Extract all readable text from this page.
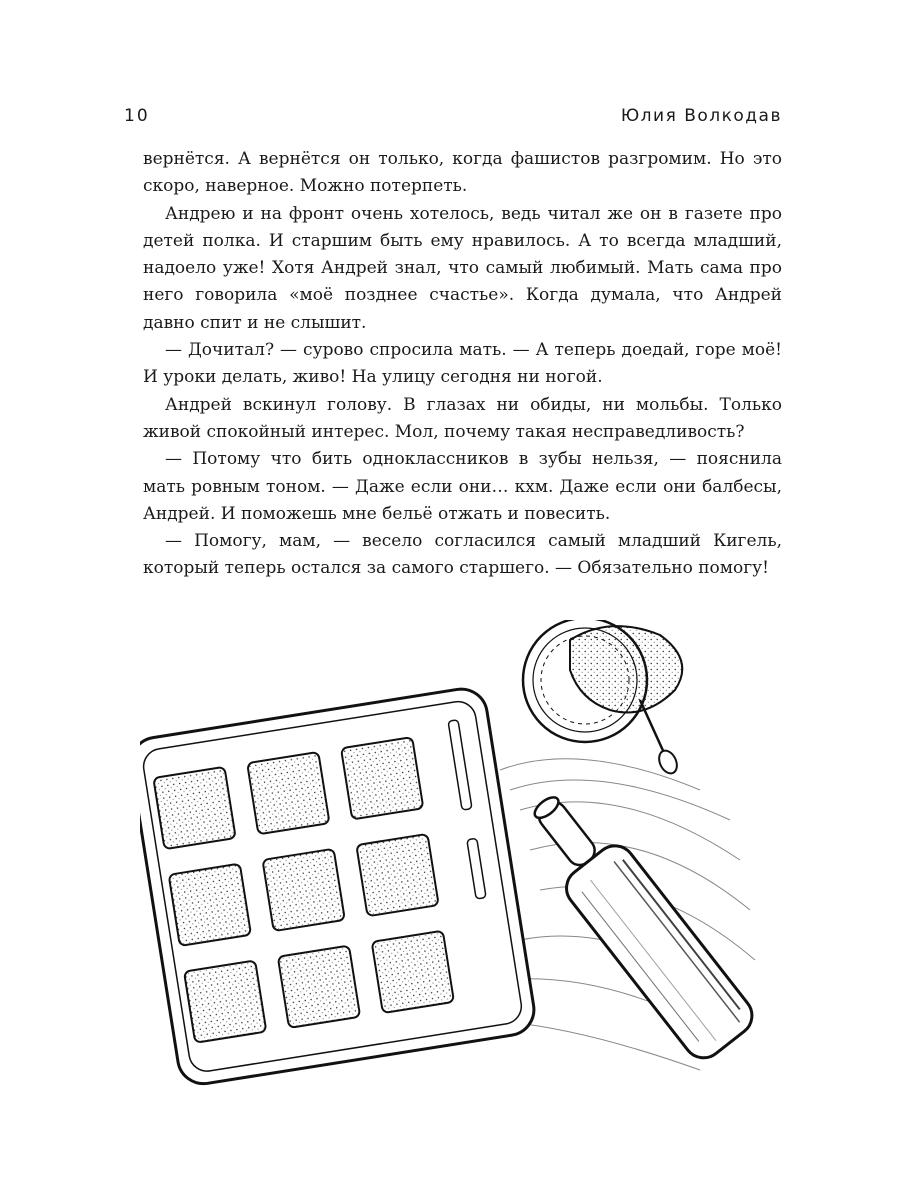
10	Юлия Волкодав

вернётся. А вернётся он только, когда фашистов разгромим. Но это скоро, наверное. Можно потерпеть.

Андрею и на фронт очень хотелось, ведь читал же он в газете про детей полка. И старшим быть ему нравилось. А то всегда младший, надоело уже! Хотя Андрей знал, что самый любимый. Мать сама про него говорила «моё позднее счастье». Когда думала, что Андрей давно спит и не слышит.

— Дочитал? — сурово спросила мать. — А теперь доедай, горе моё! И уроки делать, живо! На улицу сегодня ни ногой.

Андрей вскинул голову. В глазах ни обиды, ни мольбы. Только живой спокойный интерес. Мол, почему такая несправедливость?

— Потому что бить одноклассников в зубы нельзя, — пояснила мать ровным тоном. — Даже если они… кхм. Даже если они балбесы, Андрей. И поможешь мне бельё отжать и повесить.

— Помогу, мам, — весело согласился самый младший Кигель, который теперь остался за самого старшего. — Обязательно помогу!
